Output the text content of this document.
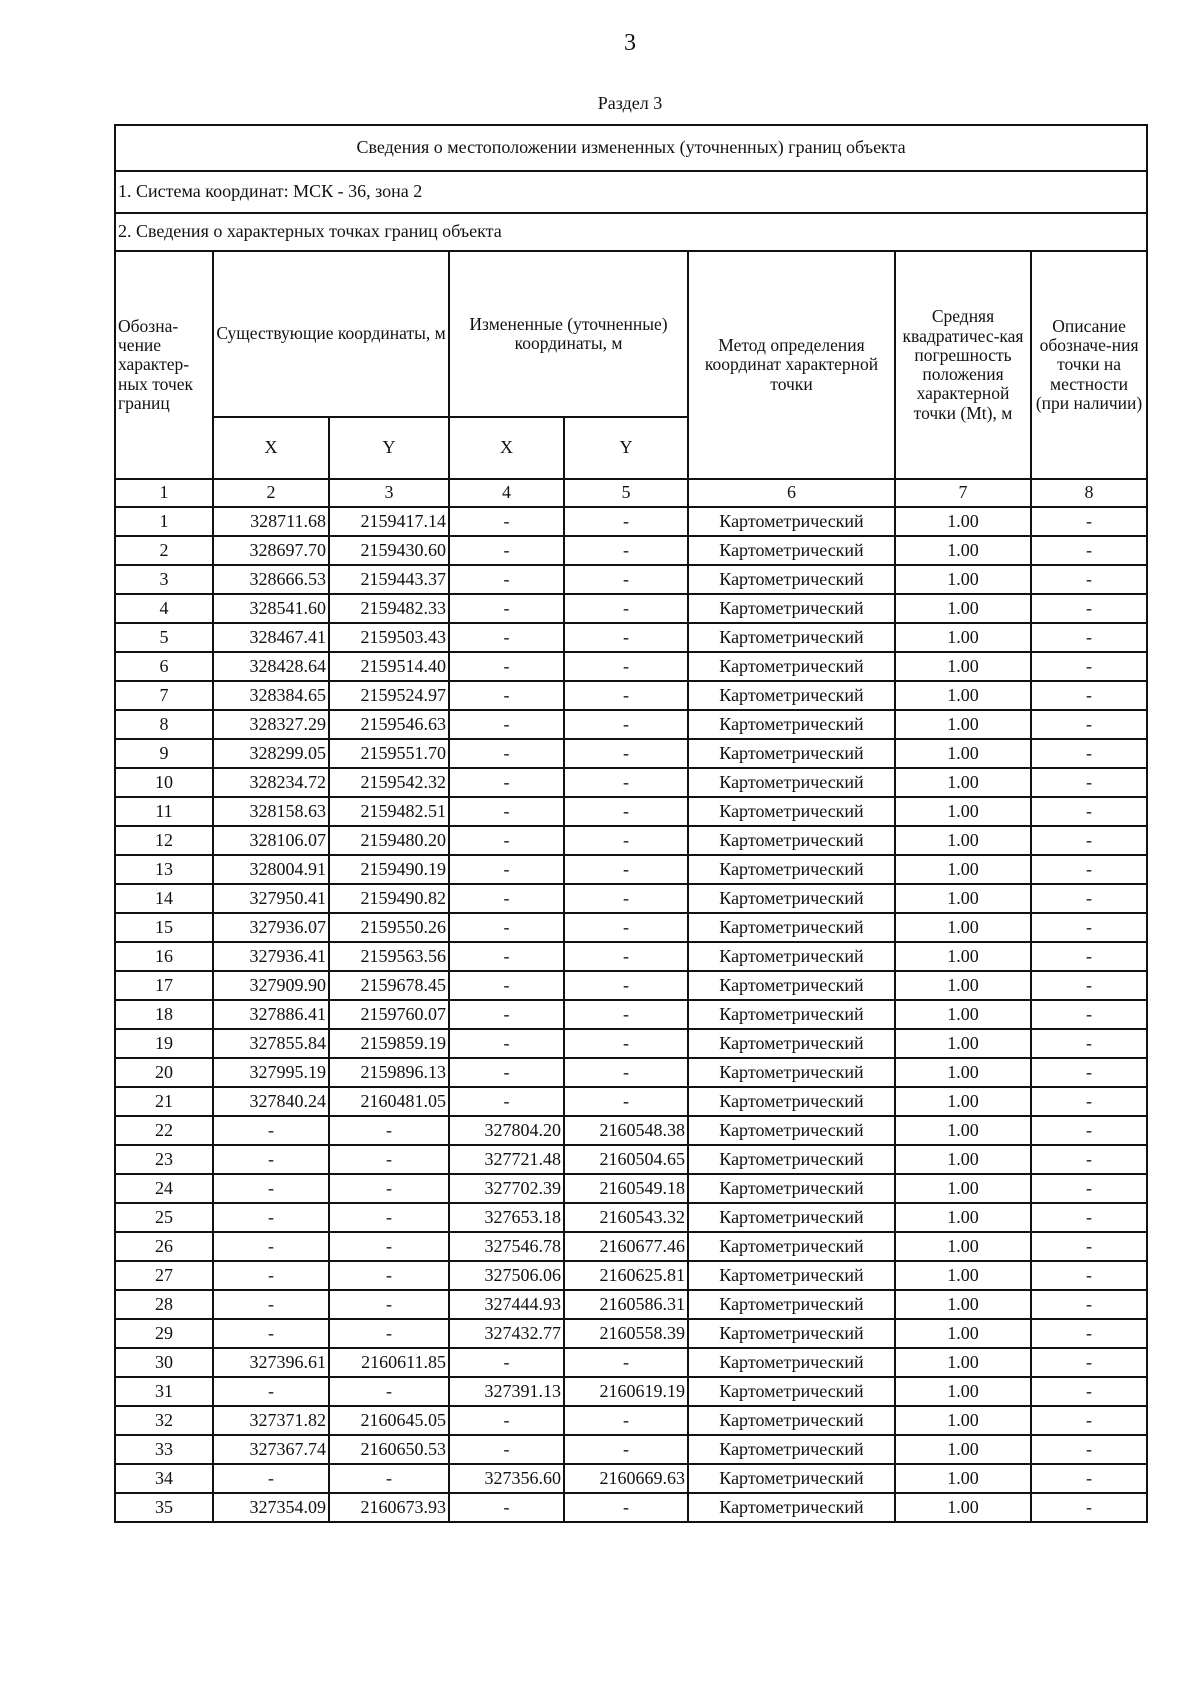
3
Раздел 3
Сведения о местоположении измененных (уточненных) границ объекта							
1. Система координат: МСК - 36, зона 2							
2. Сведения о характерных точках границ объекта							
Обозна-чение характер-ных точек границ	Существующие координаты, м		Измененные (уточненные) координаты, м		Метод определения координат характерной точки	Средняя квадратичес-кая погрешность положения характерной точки (Mt), м	Описание обозначе-ния точки на местности (при наличии)
	X	Y	X	Y			
1	2	3	4	5	6	7	8
1	328711.68	2159417.14	-	-	Картометрический	1.00	-
2	328697.70	2159430.60	-	-	Картометрический	1.00	-
3	328666.53	2159443.37	-	-	Картометрический	1.00	-
4	328541.60	2159482.33	-	-	Картометрический	1.00	-
5	328467.41	2159503.43	-	-	Картометрический	1.00	-
6	328428.64	2159514.40	-	-	Картометрический	1.00	-
7	328384.65	2159524.97	-	-	Картометрический	1.00	-
8	328327.29	2159546.63	-	-	Картометрический	1.00	-
9	328299.05	2159551.70	-	-	Картометрический	1.00	-
10	328234.72	2159542.32	-	-	Картометрический	1.00	-
11	328158.63	2159482.51	-	-	Картометрический	1.00	-
12	328106.07	2159480.20	-	-	Картометрический	1.00	-
13	328004.91	2159490.19	-	-	Картометрический	1.00	-
14	327950.41	2159490.82	-	-	Картометрический	1.00	-
15	327936.07	2159550.26	-	-	Картометрический	1.00	-
16	327936.41	2159563.56	-	-	Картометрический	1.00	-
17	327909.90	2159678.45	-	-	Картометрический	1.00	-
18	327886.41	2159760.07	-	-	Картометрический	1.00	-
19	327855.84	2159859.19	-	-	Картометрический	1.00	-
20	327995.19	2159896.13	-	-	Картометрический	1.00	-
21	327840.24	2160481.05	-	-	Картометрический	1.00	-
22	-	-	327804.20	2160548.38	Картометрический	1.00	-
23	-	-	327721.48	2160504.65	Картометрический	1.00	-
24	-	-	327702.39	2160549.18	Картометрический	1.00	-
25	-	-	327653.18	2160543.32	Картометрический	1.00	-
26	-	-	327546.78	2160677.46	Картометрический	1.00	-
27	-	-	327506.06	2160625.81	Картометрический	1.00	-
28	-	-	327444.93	2160586.31	Картометрический	1.00	-
29	-	-	327432.77	2160558.39	Картометрический	1.00	-
30	327396.61	2160611.85	-	-	Картометрический	1.00	-
31	-	-	327391.13	2160619.19	Картометрический	1.00	-
32	327371.82	2160645.05	-	-	Картометрический	1.00	-
33	327367.74	2160650.53	-	-	Картометрический	1.00	-
34	-	-	327356.60	2160669.63	Картометрический	1.00	-
35	327354.09	2160673.93	-	-	Картометрический	1.00	-
